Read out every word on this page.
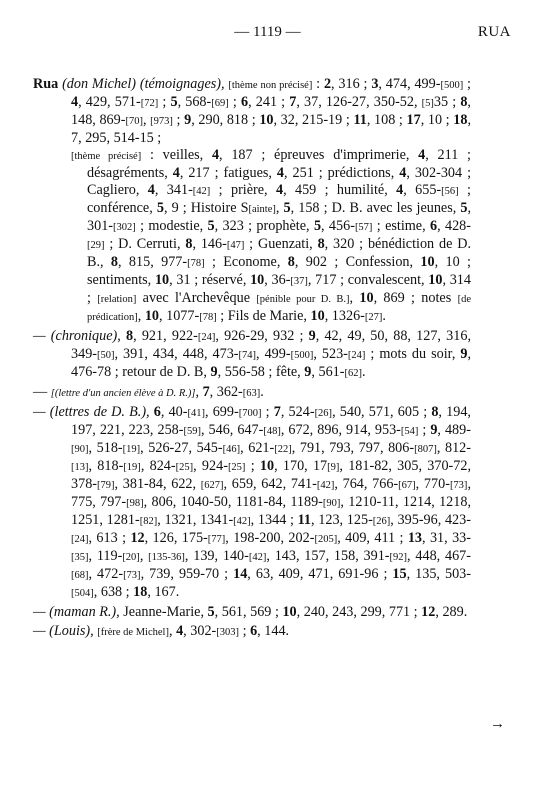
— 1119 —	RUA

Rua (don Michel) (témoignages), [thème non précisé] : 2, 316 ; 3, 474, 499-[500] ; 4, 429, 571-[72] ; 5, 568-[69] ; 6, 241 ; 7, 37, 126-27, 350-52, [5]35 ; 8, 148, 869-[70], [973] ; 9, 290, 818 ; 10, 32, 215-19 ; 11, 108 ; 17, 10 ; 18, 7, 295, 514-15 ;

[thème précisé] : veilles, 4, 187 ; épreuves d'imprimerie, 4, 211 ; désagréments, 4, 217 ; fatigues, 4, 251 ; prédictions, 4, 302-304 ; Cagliero, 4, 341-[42] ; prière, 4, 459 ; humilité, 4, 655-[56] ; conférence, 5, 9 ; Histoire S[ainte], 5, 158 ; D. B. avec les jeunes, 5, 301-[302] ; modestie, 5, 323 ; prophète, 5, 456-[57] ; estime, 6, 428-[29] ; D. Cerruti, 8, 146-[47] ; Guenzati, 8, 320 ; bénédiction de D. B., 8, 815, 977-[78] ; Econome, 8, 902 ; Confession, 10, 10 ; sentiments, 10, 31 ; réservé, 10, 36-[37], 717 ; convalescent, 10, 314 ; [relation] avec l'Archevêque [pénible pour D. B.], 10, 869 ; notes [de prédication], 10, 1077-[78] ; Fils de Marie, 10, 1326-[27].

— (chronique), 8, 921, 922-[24], 926-29, 932 ; 9, 42, 49, 50, 88, 127, 316, 349-[50], 391, 434, 448, 473-[74], 499-[500], 523-[24] ; mots du soir, 9, 476-78 ; retour de D. B, 9, 556-58 ; fête, 9, 561-[62].

— [(lettre d'un ancien élève à D. R.)], 7, 362-[63].

— (lettres de D. B.), 6, 40-[41], 699-[700] ; 7, 524-[26], 540, 571, 605 ; 8, 194, 197, 221, 223, 258-[59], 546, 647-[48], 672, 896, 914, 953-[54] ; 9, 489-[90], 518-[19], 526-27, 545-[46], 621-[22], 791, 793, 797, 806-[807], 812-[13], 818-[19], 824-[25], 924-[25] ; 10, 170, 17[9], 181-82, 305, 370-72, 378-[79], 381-84, 622, [627], 659, 642, 741-[42], 764, 766-[67], 770-[73], 775, 797-[98], 806, 1040-50, 1181-84, 1189-[90], 1210-11, 1214, 1218, 1251, 1281-[82], 1321, 1341-[42], 1344 ; 11, 123, 125-[26], 395-96, 423-[24], 613 ; 12, 126, 175-[77], 198-200, 202-[205], 409, 411 ; 13, 31, 33-[35], 119-[20], [135-36], 139, 140-[42], 143, 157, 158, 391-[92], 448, 467-[68], 472-[73], 739, 959-70 ; 14, 63, 409, 471, 691-96 ; 15, 135, 503-[504], 638 ; 18, 167.

— (maman R.), Jeanne-Marie, 5, 561, 569 ; 10, 240, 243, 299, 771 ; 12, 289.

— (Louis), [frère de Michel], 4, 302-[303] ; 6, 144.

→
